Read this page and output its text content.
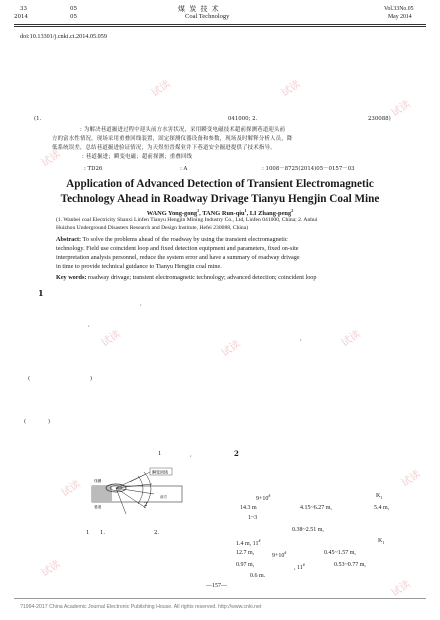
试读
试读	试读
试读
试读	试读	试读
试读	试读
试读
试读
33	05
2014	05
煤 炭 技 术
Coal Technology
Vol.33No.05
May 2014
doi:10.13301/j.cnki.ct.2014.05.059
(1.	041000; 2.	230088)
: 为解决巷道掘进过程中迎头前方水害状况，采用瞬变电磁技术超前探测巷道迎头前
方的富水性情况，现场采用重叠回线装置，固定探测仪器设备和参数，现场及时解释分析人员，降
低系统误差，总结巷道掘进验证情况，为天煜恒晋煤业井下巷道安全掘进提供了技术指导。
: 巷道掘进；瞬变电磁；超前探测；重叠回线
: TD26	: A	: 1008－8725(2014)05－0157－03
Application of Advanced Detection of Transient Electromagnetic
Technology Ahead in Roadway Drivage Tianyu Hengjin Coal Mine
WANG Yong-gong$^1$, TANG Run-qiu$^1$, LI Zhang-peng$^2$
(1. Wanbei coal Electricity Shanxi Linfen Tianyu Hengjin Mining Industry Co., Ltd, Linfen 041000, China; 2. Anhui
Huizhou Underground Disasters Research and Design Institute, Hefei 230088, China)
Abstract: To solve the problems ahead of the roadway by using the transient electromagnetic
technology. Field use coincident loop and fixed detection equipment and parameters, fixed on-site
interpretation analysis personnel, reduce the system error and have a summary of roadway drivage
in time to provide technical guidance to Tianyu Hengjin coal mine.
Key words: roadway drivage; transient electromagnetic technology; advanced detection; coincident loop
1
,
,
,
(	)
(	)
,
1	2
瞬变回线
线圈
巷道
前方
2
1 1.	2.
9+10#	$K_1$
14.3 m	4.15~6.27 m,	5.4 m,
1~3
0.38~2.51 m,
1.4 m, 11#	$K_1$
12.7 m,	9+10#	0.45~1.57 m,
0.97 m,	, 11#	0.53~0.77 m,
0.6 m.
—157—
?1994-2017 China Academic Journal Electronic Publishing House. All rights reserved. http://www.cnki.net
